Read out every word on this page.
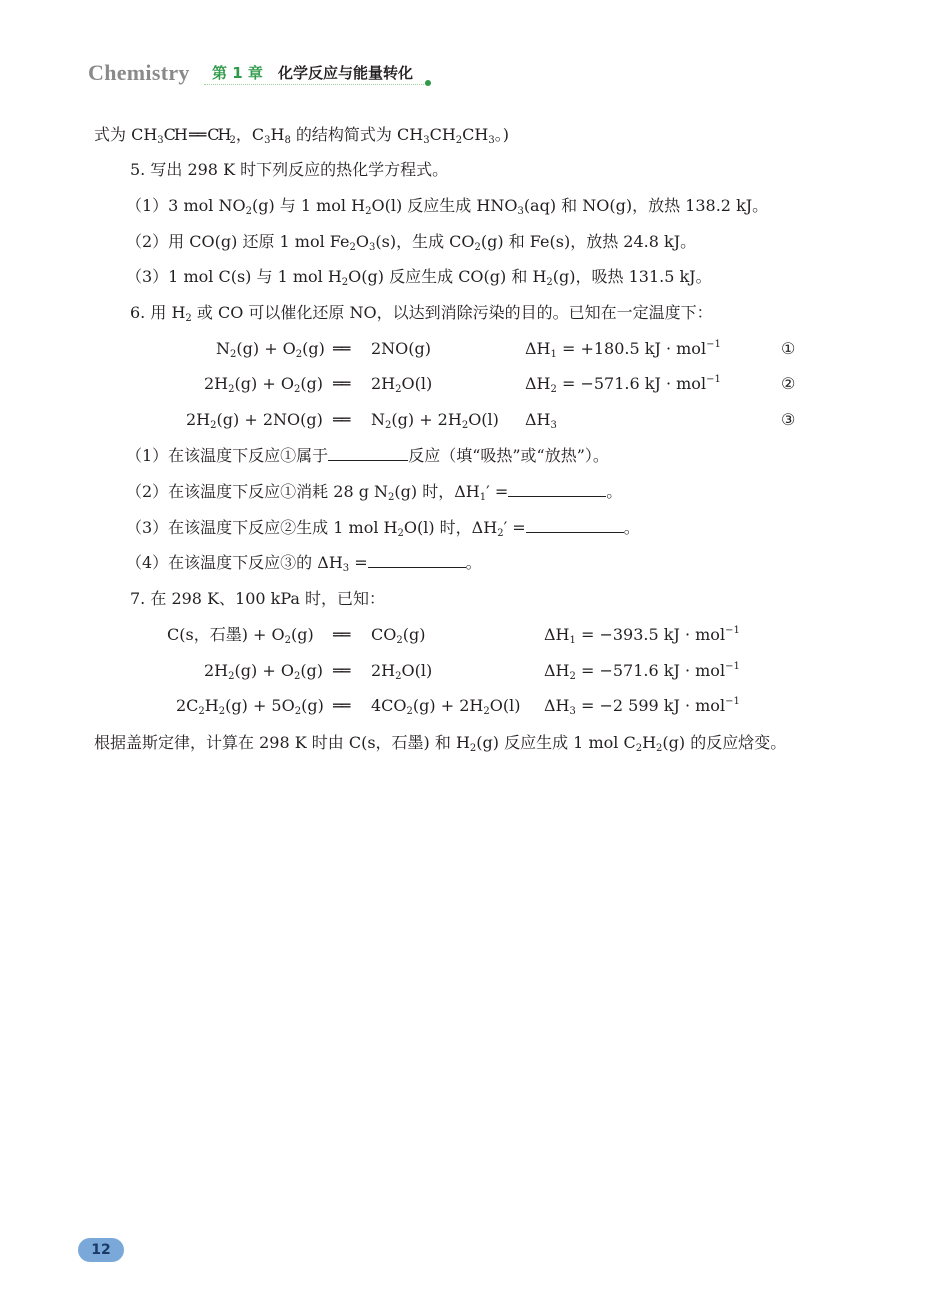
Chemistry 第 1 章 化学反应与能量转化
式为 $CH_3CH$ ══ $CH_2$，$C_3H_8$ 的结构简式为 $CH_3CH_2CH_3$。)
5. 写出 298 K 时下列反应的热化学方程式。
（1）3 mol $NO_2(g)$ 与 1 mol $H_2O(l)$ 反应生成 $HNO_3(aq)$ 和 NO(g)，放热 138.2 kJ。
（2）用 CO(g) 还原 1 mol $Fe_2O_3(s)$，生成 $CO_2(g)$ 和 Fe(s)，放热 24.8 kJ。
（3）1 mol C(s) 与 1 mol $H_2O(g)$ 反应生成 CO(g) 和 $H_2(g)$，吸热 131.5 kJ。
6. 用 $H_2$ 或 CO 可以催化还原 NO，以达到消除污染的目的。已知在一定温度下：
$N_2(g) + O_2(g)$ ══ 2NO(g)	$\Delta H_1 = +180.5$ kJ · mol$^{-1}$	①
$2H_2(g) + O_2(g)$ ══ $2H_2O(l)$	$\Delta H_2 = -571.6$ kJ · mol$^{-1}$	②
$2H_2(g) + 2NO(g)$ ══ $N_2(g) + 2H_2O(l)$ $\Delta H_3$	③
（1）在该温度下反应①属于	反应（填“吸热”或“放热”）。
（2）在该温度下反应①消耗 28 g $N_2(g)$ 时，$\Delta H_1'$ =	。
（3）在该温度下反应②生成 1 mol $H_2O(l)$ 时，$\Delta H_2'$ =	。
（4）在该温度下反应③的 $\Delta H_3$ =	。
7. 在 298 K、100 kPa 时，已知：
C(s，石墨) + $O_2(g)$ ══ $CO_2(g)$	$\Delta H_1 = -393.5$ kJ · mol$^{-1}$
$2H_2(g) + O_2(g)$ ══ $2H_2O(l)$	$\Delta H_2 = -571.6$ kJ · mol$^{-1}$
$2C_2H_2(g) + 5O_2(g)$ ══ $4CO_2(g) + 2H_2O(l) \Delta H_3 = -2$ 599 kJ · mol$^{-1}$
根据盖斯定律，计算在 298 K 时由 C(s，石墨) 和 $H_2(g)$ 反应生成 1 mol $C_2H_2(g)$ 的反应焓变。
12
